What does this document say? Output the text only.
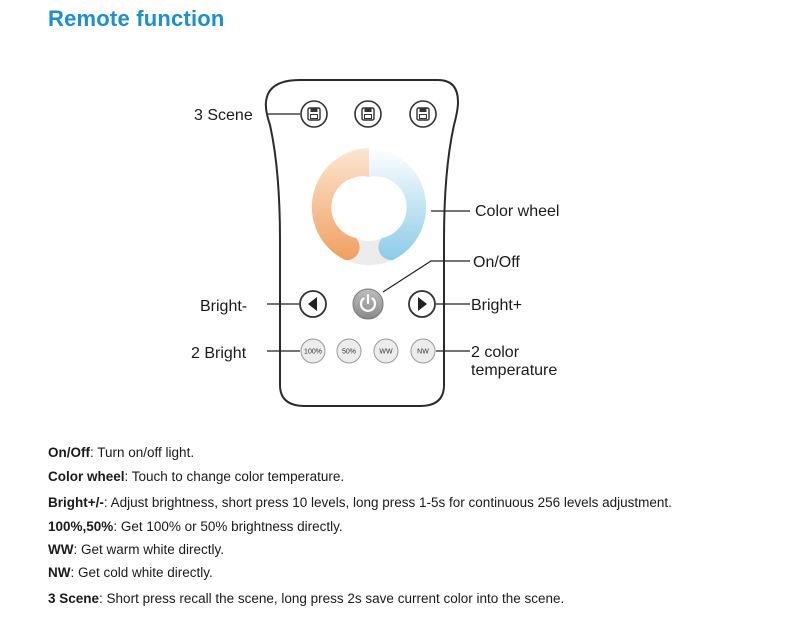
Remote function
100%	50%	WW	NW
3 Scene
Color wheel
On/Off
Bright-	Bright+
2 Bright	2 color
temperature
On/Off: Turn on/off light.
Color wheel: Touch to change color temperature.
Bright+/-: Adjust brightness, short press 10 levels, long press 1-5s for continuous 256 levels adjustment.
100%,50%: Get 100% or 50% brightness directly.
WW: Get warm white directly.
NW: Get cold white directly.
3 Scene: Short press recall the scene, long press 2s save current color into the scene.
